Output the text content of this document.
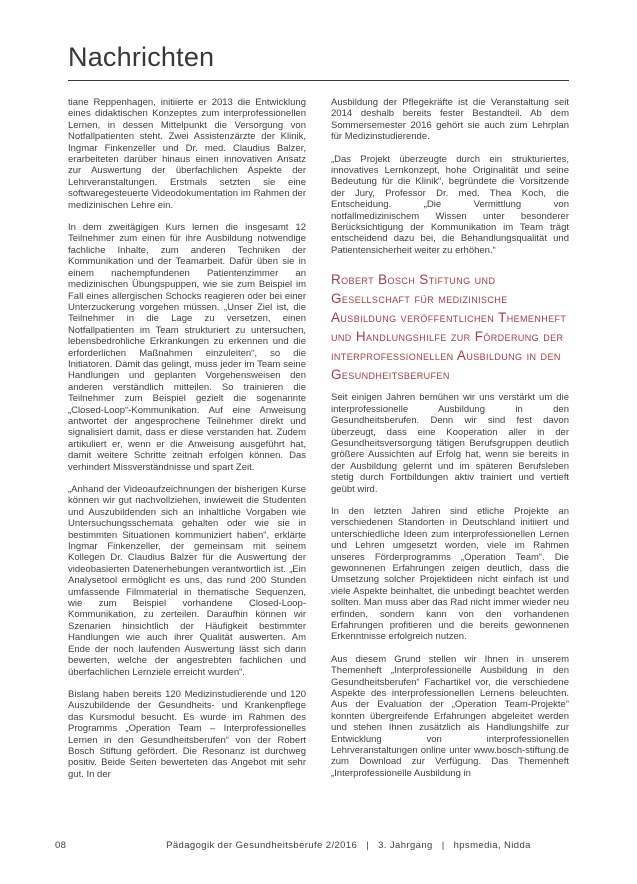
Nachrichten

tiane Reppenhagen, initiierte er 2013 die Entwicklung eines didaktischen Konzeptes zum interprofessionellen Lernen, in dessen Mittelpunkt die Versorgung von Notfallpatienten steht. Zwei Assistenzärzte der Klinik, Ingmar Finkenzeller und Dr. med. Claudius Balzer, erarbeiteten darüber hinaus einen innovativen Ansatz zur Auswertung der überfachlichen Aspekte der Lehrveranstaltungen. Erstmals setzten sie eine softwaregesteuerte Videodokumentation im Rahmen der medizinischen Lehre ein.

In dem zweitägigen Kurs lernen die insgesamt 12 Teilnehmer zum einen für ihre Ausbildung notwendige fachliche Inhalte, zum anderen Techniken der Kommunikation und der Teamarbeit. Dafür üben sie in einem nachempfundenen Patientenzimmer an medizinischen Übungspuppen, wie sie zum Beispiel im Fall eines allergischen Schocks reagieren oder bei einer Unterzuckerung vorgehen müssen. „Unser Ziel ist, die Teilnehmer in die Lage zu versetzen, einen Notfallpatienten im Team strukturiert zu untersuchen, lebensbedrohliche Erkrankungen zu erkennen und die erforderlichen Maßnahmen einzuleiten“, so die Initiatoren. Damit das gelingt, muss jeder im Team seine Handlungen und geplanten Vorgehensweisen den anderen verständlich mitteilen. So trainieren die Teilnehmer zum Beispiel gezielt die sogenannte „Closed-Loop“-Kommunikation. Auf eine Anweisung antwortet der angesprochene Teilnehmer direkt und signalisiert damit, dass er diese verstanden hat. Zudem artikuliert er, wenn er die Anweisung ausgeführt hat, damit weitere Schritte zeitnah erfolgen können. Das verhindert Missverständnisse und spart Zeit.

„Anhand der Videoaufzeichnungen der bisherigen Kurse können wir gut nachvollziehen, inwieweit die Studenten und Auszubildenden sich an inhaltliche Vorgaben wie Untersuchungsschemata gehalten oder wie sie in bestimmten Situationen kommuniziert haben“, erklärte Ingmar Finkenzeller, der gemeinsam mit seinem Kollegen Dr. Claudius Balzer für die Auswertung der videobasierten Datenerhebungen verantwortlich ist. „Ein Analysetool ermöglicht es uns, das rund 200 Stunden umfassende Filmmaterial in thematische Sequenzen, wie zum Beispiel vorhandene Closed-Loop-Kommunikation, zu zerteilen. Daraufhin können wir Szenarien hinsichtlich der Häufigkeit bestimmter Handlungen wie auch ihrer Qualität auswerten. Am Ende der noch laufenden Auswertung lässt sich dann bewerten, welche der angestrebten fachlichen und überfachlichen Lernziele erreicht wurden“.

Bislang haben bereits 120 Medizinstudierende und 120 Auszubildende der Gesundheits- und Krankenpflege das Kursmodul besucht. Es wurde im Rahmen des Programms „Operation Team – Interprofessionelles Lernen in den Gesundheitsberufen“ von der Robert Bosch Stiftung gefördert. Die Resonanz ist durchweg positiv. Beide Seiten bewerteten das Angebot mit sehr gut. In der

Ausbildung der Pflegekräfte ist die Veranstaltung seit 2014 deshalb bereits fester Bestandteil. Ab dem Sommersemester 2016 gehört sie auch zum Lehrplan für Medizinstudierende.

„Das Projekt überzeugte durch ein strukturiertes, innovatives Lernkonzept, hohe Originalität und seine Bedeutung für die Klinik“, begründete die Vorsitzende der Jury, Professor Dr. med. Thea Koch, die Entscheidung. „Die Vermittlung von notfallmedizinischem Wissen unter besonderer Berücksichtigung der Kommunikation im Team trägt entscheidend dazu bei, die Behandlungsqualität und Patientensicherheit weiter zu erhöhen.“

Robert Bosch Stiftung und Gesellschaft für medizinische Ausbildung veröffentlichen Themenheft und Handlungshilfe zur Förderung der interprofessionellen Ausbildung in den Gesundheitsberufen

Seit einigen Jahren bemühen wir uns verstärkt um die interprofessionelle Ausbildung in den Gesundheitsberufen. Denn wir sind fest davon überzeugt, dass eine Kooperation aller in der Gesundheitsversorgung tätigen Berufsgruppen deutlich größere Aussichten auf Erfolg hat, wenn sie bereits in der Ausbildung gelernt und im späteren Berufsleben stetig durch Fortbildungen aktiv trainiert und vertieft geübt wird.

In den letzten Jahren sind etliche Projekte an verschiedenen Standorten in Deutschland initiiert und unterschiedliche Ideen zum interprofessionellen Lernen und Lehren umgesetzt worden, viele im Rahmen unseres Förderprogramms „Operation Team“. Die gewonnenen Erfahrungen zeigen deutlich, dass die Umsetzung solcher Projektideen nicht einfach ist und viele Aspekte beinhaltet, die unbedingt beachtet werden sollten. Man muss aber das Rad nicht immer wieder neu erfinden, sondern kann von den vorhandenen Erfahrungen profitieren und die bereits gewonnenen Erkenntnisse erfolgreich nutzen.

Aus diesem Grund stellen wir Ihnen in unserem Themenheft „Interprofessionelle Ausbildung in den Gesundheitsberufen“ Fachartikel vor, die verschiedene Aspekte des interprofessionellen Lernens beleuchten. Aus der Evaluation der „Operation Team-Projekte“ konnten übergreifende Erfahrungen abgeleitet werden und stehen Ihnen zusätzlich als Handlungshilfe zur Entwicklung von interprofessionellen Lehrveranstaltungen online unter www.bosch-stiftung.de zum Download zur Verfügung. Das Themenheft „Interprofessionelle Ausbildung in

08	Pädagogik der Gesundheitsberufe 2/2016 | 3. Jahrgang | hpsmedia, Nidda
